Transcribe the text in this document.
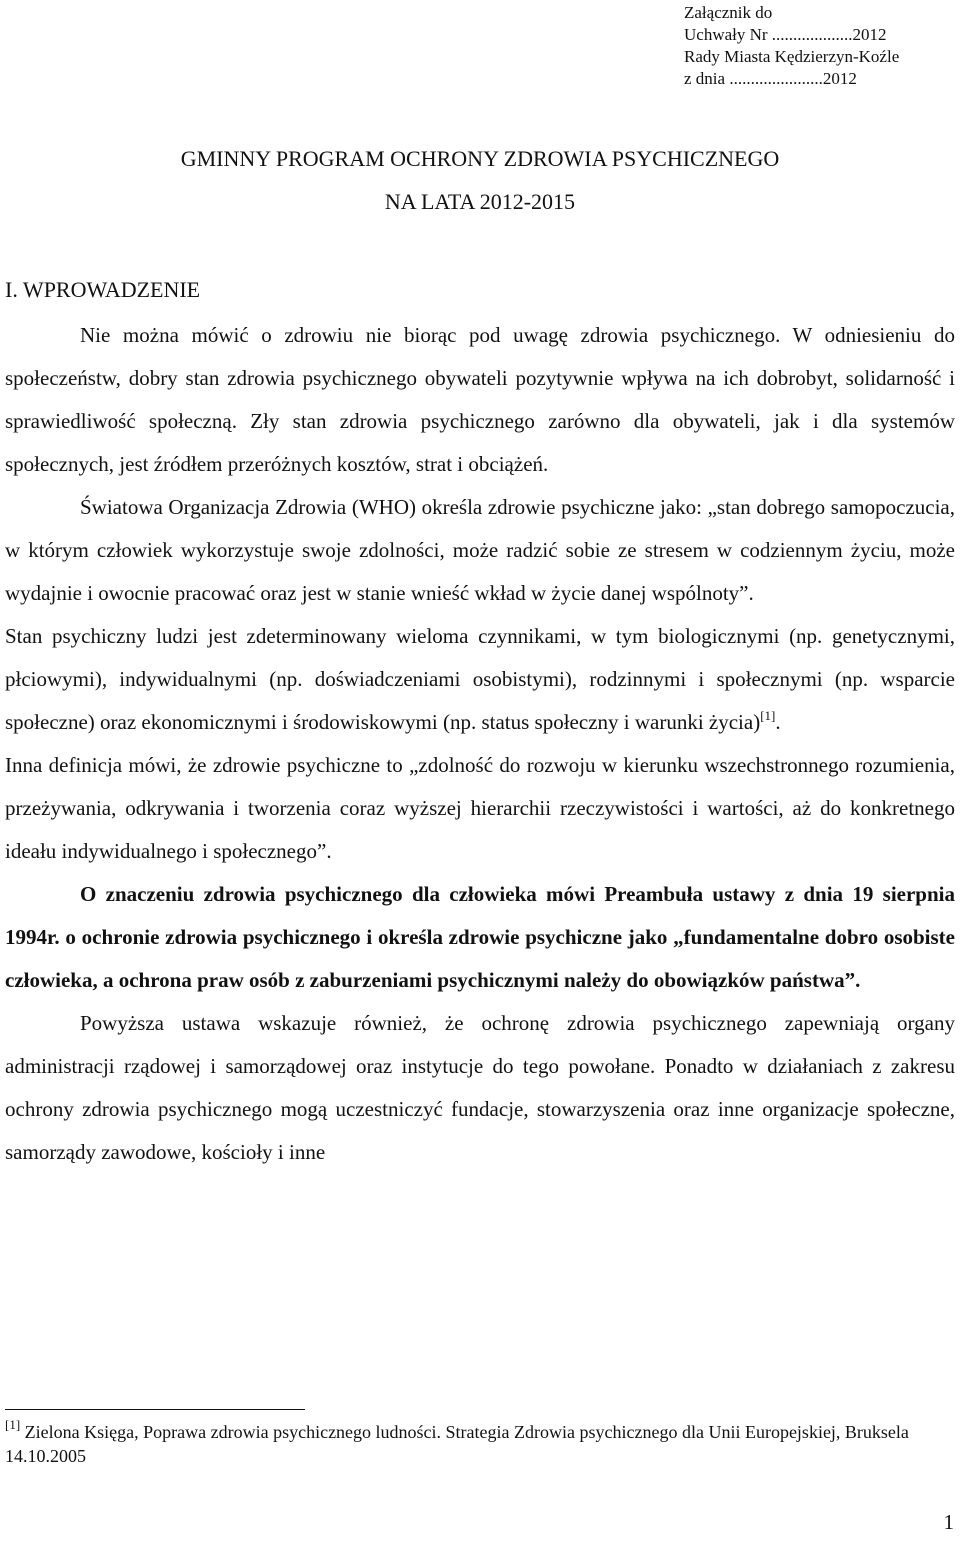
Załącznik do
Uchwały Nr ...................2012
Rady Miasta Kędzierzyn-Koźle
z dnia ......................2012
GMINNY PROGRAM OCHRONY ZDROWIA PSYCHICZNEGO
NA LATA 2012-2015
I. WPROWADZENIE

Nie można mówić o zdrowiu nie biorąc pod uwagę zdrowia psychicznego. W odniesieniu do społeczeństw, dobry stan zdrowia psychicznego obywateli pozytywnie wpływa na ich dobrobyt, solidarność i sprawiedliwość społeczną. Zły stan zdrowia psychicznego zarówno dla obywateli, jak i dla systemów społecznych, jest źródłem przeróżnych kosztów, strat i obciążeń.

Światowa Organizacja Zdrowia (WHO) określa zdrowie psychiczne jako: „stan dobrego samopoczucia, w którym człowiek wykorzystuje swoje zdolności, może radzić sobie ze stresem w codziennym życiu, może wydajnie i owocnie pracować oraz jest w stanie wnieść wkład w życie danej wspólnoty”.

Stan psychiczny ludzi jest zdeterminowany wieloma czynnikami, w tym biologicznymi (np. genetycznymi, płciowymi), indywidualnymi (np. doświadczeniami osobistymi), rodzinnymi i społecznymi (np. wsparcie społeczne) oraz ekonomicznymi i środowiskowymi (np. status społeczny i warunki życia)[1].

Inna definicja mówi, że zdrowie psychiczne to „zdolność do rozwoju w kierunku wszechstronnego rozumienia, przeżywania, odkrywania i tworzenia coraz wyższej hierarchii rzeczywistości i wartości, aż do konkretnego ideału indywidualnego i społecznego”.

O znaczeniu zdrowia psychicznego dla człowieka mówi Preambuła ustawy z dnia 19 sierpnia 1994r. o ochronie zdrowia psychicznego i określa zdrowie psychiczne jako „fundamentalne dobro osobiste człowieka, a ochrona praw osób z zaburzeniami psychicznymi należy do obowiązków państwa”.

Powyższa ustawa wskazuje również, że ochronę zdrowia psychicznego zapewniają organy administracji rządowej i samorządowej oraz instytucje do tego powołane. Ponadto w działaniach z zakresu ochrony zdrowia psychicznego mogą uczestniczyć fundacje, stowarzyszenia oraz inne organizacje społeczne, samorządy zawodowe, kościoły i inne

[1] Zielona Księga, Poprawa zdrowia psychicznego ludności. Strategia Zdrowia psychicznego dla Unii Europejskiej, Bruksela 14.10.2005
1
